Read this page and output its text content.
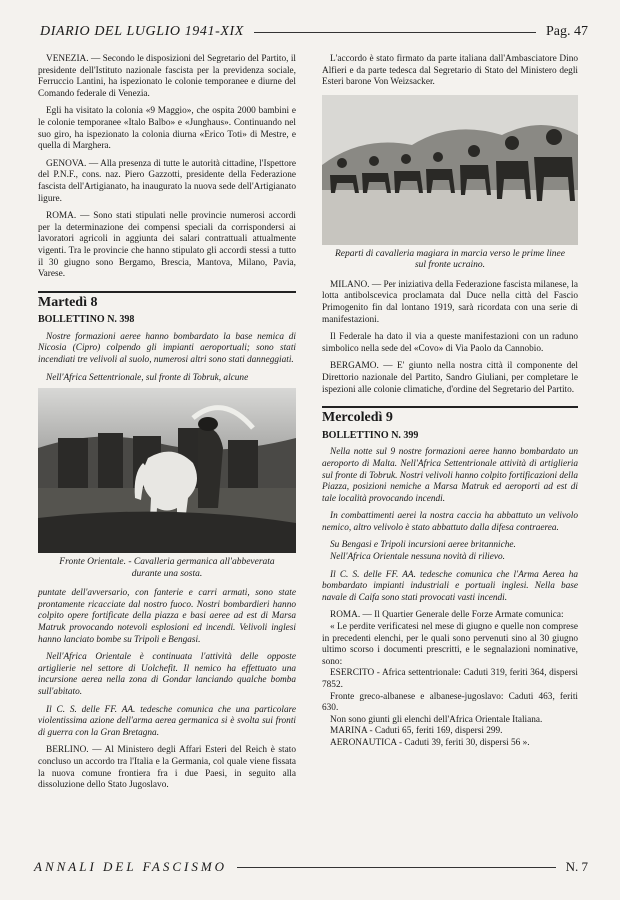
DIARIO DEL LUGLIO 1941-XIX	Pag. 47

VENEZIA. — Secondo le disposizioni del Segretario del Partito, il presidente dell'Istituto nazionale fascista per la previdenza sociale, Ferruccio Lantini, ha ispezionato le colonie temporanee e diurne del Comando federale di Venezia.

Egli ha visitato la colonia «9 Maggio», che ospita 2000 bambini e le colonie temporanee «Italo Balbo» e «Junghaus». Continuando nel suo giro, ha ispezionato la colonia diurna «Erico Toti» di Mestre, e quella di Marghera.

GENOVA. — Alla presenza di tutte le autorità cittadine, l'Ispettore del P.N.F., cons. naz. Piero Gazzotti, presidente della Federazione fascista dell'Artigianato, ha inaugurato la nuova sede dell'Artigianato ligure.

ROMA. — Sono stati stipulati nelle provincie numerosi accordi per la determinazione dei compensi speciali da corrispondersi ai lavoratori agricoli in aggiunta dei salari contrattuali attualmente vigenti. Tra le provincie che hanno stipulato gli accordi stessi a tutto il 30 giugno sono Bergamo, Brescia, Mantova, Milano, Pavia, Varese.

Martedì 8
BOLLETTINO N. 398

Nostre formazioni aeree hanno bombardato la base nemica di Nicosia (Cipro) colpendo gli impianti aeroportuali; sono stati incendiati tre velivoli al suolo, numerosi altri sono stati danneggiati.

Nell'Africa Settentrionale, sul fronte di Tobruk, alcune

Fronte Orientale. - Cavalleria germanica all'abbeverata durante una sosta.

puntate dell'avversario, con fanterie e carri armati, sono state prontamente ricacciate dal nostro fuoco. Nostri bombardieri hanno colpito opere fortificate della piazza e basi aeree ad est di Marsa Matruk provocando notevoli esplosioni ed incendi. Velivoli inglesi hanno lanciato bombe su Tripoli e Bengasi.

Nell'Africa Orientale è continuata l'attività delle opposte artiglierie nel settore di Uolchefit. Il nemico ha effettuato una incursione aerea nella zona di Gondar lanciando qualche bomba sull'abitato.

Il C. S. delle FF. AA. tedesche comunica che una particolare violentissima azione dell'arma aerea germanica si è svolta sui fronti di guerra con la Gran Bretagna.

BERLINO. — Al Ministero degli Affari Esteri del Reich è stato concluso un accordo tra l'Italia e la Germania, col quale viene fissata la nuova comune frontiera fra i due Paesi, in seguito alla dissoluzione dello Stato Jugoslavo.

L'accordo è stato firmato da parte italiana dall'Ambasciatore Dino Alfieri e da parte tedesca dal Segretario di Stato del Ministero degli Esteri barone Von Weizsacker.

Reparti di cavalleria magiara in marcia verso le prime linee sul fronte ucraino.

MILANO. — Per iniziativa della Federazione fascista milanese, la lotta antibolscevica proclamata dal Duce nella città del Fascio Primogenito fin dal lontano 1919, sarà ricordata con una serie di manifestazioni.

Il Federale ha dato il via a queste manifestazioni con un raduno simbolico nella sede del «Covo» di Via Paolo da Cannobio.

BERGAMO. — E' giunto nella nostra città il componente del Direttorio nazionale del Partito, Sandro Giuliani, per completare le ispezioni alle colonie climatiche, d'ordine del Segretario del Partito.

Mercoledì 9
BOLLETTINO N. 399

Nella notte sul 9 nostre formazioni aeree hanno bombardato un aeroporto di Malta. Nell'Africa Settentrionale attività di artiglieria sul fronte di Tobruk. Nostri velivoli hanno colpito fortificazioni della Piazza, posizioni nemiche a Marsa Matruk ed aeroporti ad est di tale località provocando incendi.

In combattimenti aerei la nostra caccia ha abbattuto un velivolo nemico, altro velivolo è stato abbattuto dalla difesa contraerea.

Su Bengasi e Tripoli incursioni aeree britanniche.

Nell'Africa Orientale nessuna novità di rilievo.

Il C. S. delle FF. AA. tedesche comunica che l'Arma Aerea ha bombardato impianti industriali e portuali inglesi. Nella base navale di Caifa sono stati provocati vasti incendi.

ROMA. — Il Quartier Generale delle Forze Armate comunica:

« Le perdite verificatesi nel mese di giugno e quelle non comprese in precedenti elenchi, per le quali sono pervenuti sino al 30 giugno ultimo scorso i documenti prescritti, e le segnalazioni nominative, sono:

ESERCITO - Africa settentrionale: Caduti 319, feriti 364, dispersi 7852.

Fronte greco-albanese e albanese-jugoslavo: Caduti 463, feriti 630.

Non sono giunti gli elenchi dell'Africa Orientale Italiana.

MARINA - Caduti 65, feriti 169, dispersi 299.

AERONAUTICA - Caduti 39, feriti 30, dispersi 56 ».

ANNALI DEL FASCISMO	N. 7
